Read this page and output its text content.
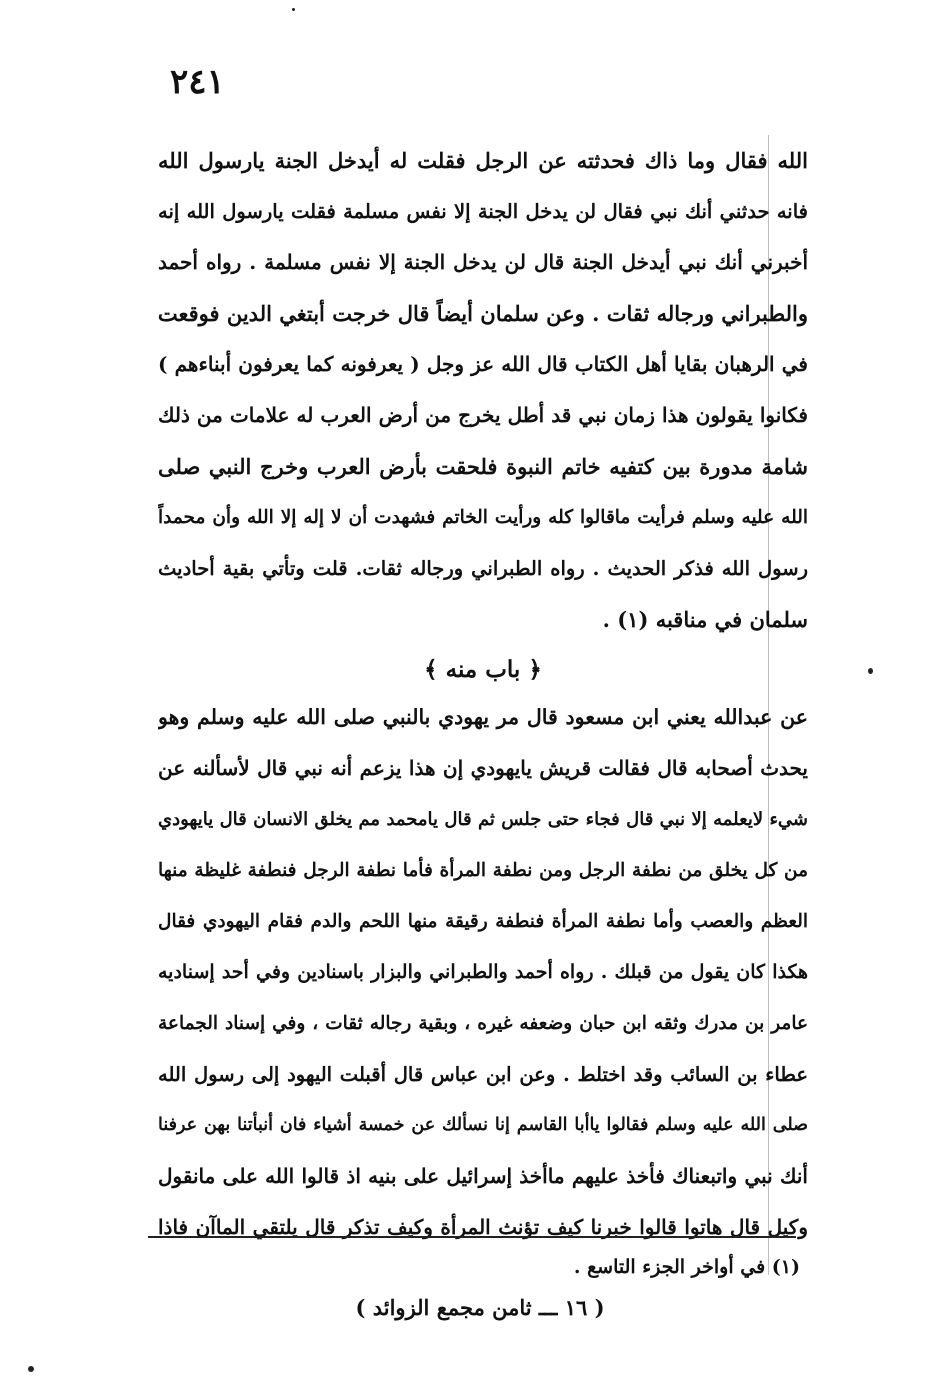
٢٤١
الله فقال وما ذاك فحدثته عن الرجل فقلت له أيدخل الجنة يارسول الله
فانه حدثني أنك نبي فقال لن يدخل الجنة إلا نفس مسلمة فقلت يارسول الله إنه
أخبرني أنك نبي أيدخل الجنة قال لن يدخل الجنة إلا نفس مسلمة . رواه أحمد
والطبراني ورجاله ثقات . وعن سلمان أيضاً قال خرجت أبتغي الدين فوقعت
في الرهبان بقايا أهل الكتاب قال الله عز وجل ( يعرفونه كما يعرفون أبناءهم )
فكانوا يقولون هذا زمان نبي قد أطل يخرج من أرض العرب له علامات من ذلك
شامة مدورة بين كتفيه خاتم النبوة فلحقت بأرض العرب وخرج النبي صلى
الله عليه وسلم فرأيت ماقالوا كله ورأيت الخاتم فشهدت أن لا إله إلا الله وأن محمداً
رسول الله فذكر الحديث . رواه الطبراني ورجاله ثقات. قلت وتأتي بقية أحاديث
سلمان في مناقبه (١) .
﴿ باب منه ﴾
عن عبدالله يعني ابن مسعود قال مر يهودي بالنبي صلى الله عليه وسلم وهو
يحدث أصحابه قال فقالت قريش يايهودي إن هذا يزعم أنه نبي قال لأسألنه عن
شيء لايعلمه إلا نبي قال فجاء حتى جلس ثم قال يامحمد مم يخلق الانسان قال يايهودي
من كل يخلق من نطفة الرجل ومن نطفة المرأة فأما نطفة الرجل فنطفة غليظة منها
العظم والعصب وأما نطفة المرأة فنطفة رقيقة منها اللحم والدم فقام اليهودي فقال
هكذا كان يقول من قبلك . رواه أحمد والطبراني والبزار باسنادين وفي أحد إسناديه
عامر بن مدرك وثقه ابن حبان وضعفه غيره ، وبقية رجاله ثقات ، وفي إسناد الجماعة
عطاء بن السائب وقد اختلط . وعن ابن عباس قال أقبلت اليهود إلى رسول الله
صلى الله عليه وسلم فقالوا ياأبا القاسم إنا نسألك عن خمسة أشياء فان أنبأتنا بهن عرفنا
أنك نبي واتبعناك فأخذ عليهم ماأخذ إسرائيل على بنيه اذ قالوا الله على مانقول
وكيل قال هاتوا قالوا خبرنا كيف تؤنث المرأة وكيف تذكر قال يلتقي الماآن فاذا
(١) في أواخر الجزء التاسع .
( ١٦ ـــ ثامن مجمع الزوائد )
